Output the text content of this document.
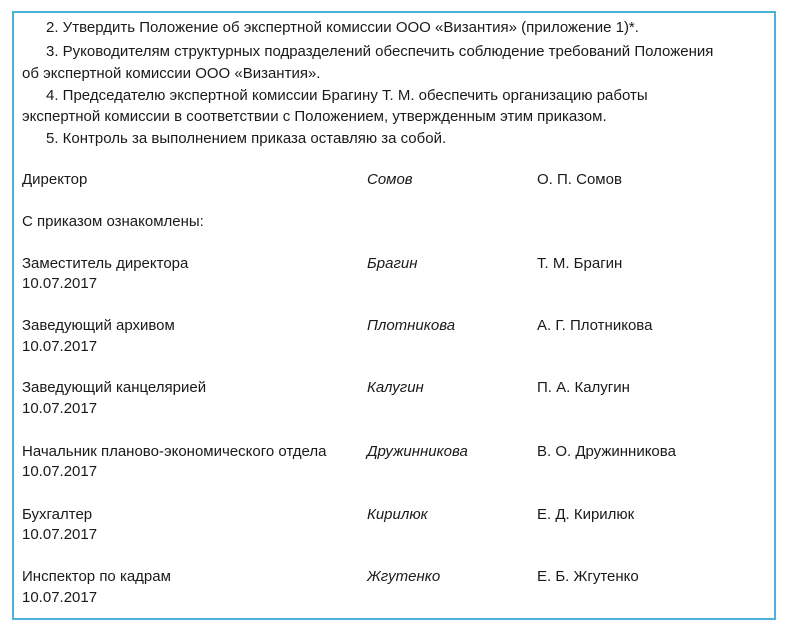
2. Утвердить Положение об экспертной комиссии ООО «Византия» (приложение 1)*.
3. Руководителям структурных подразделений обеспечить соблюдение требований Положения
об экспертной комиссии ООО «Византия».
4. Председателю экспертной комиссии Брагину Т. М. обеспечить организацию работы
экспертной комиссии в соответствии с Положением, утвержденным этим приказом.
5. Контроль за выполнением приказа оставляю за собой.
Директор	Сомов	О. П. Сомов
С приказом ознакомлены:
Заместитель директора	Брагин	Т. М. Брагин
10.07.2017
Заведующий архивом	Плотникова	А. Г. Плотникова
10.07.2017
Заведующий канцелярией	Калугин	П. А. Калугин
10.07.2017
Начальник планово-экономического отдела	Дружинникова	В. О. Дружинникова
10.07.2017
Бухгалтер	Кирилюк	Е. Д. Кирилюк
10.07.2017
Инспектор по кадрам	Жгутенко	Е. Б. Жгутенко
10.07.2017
